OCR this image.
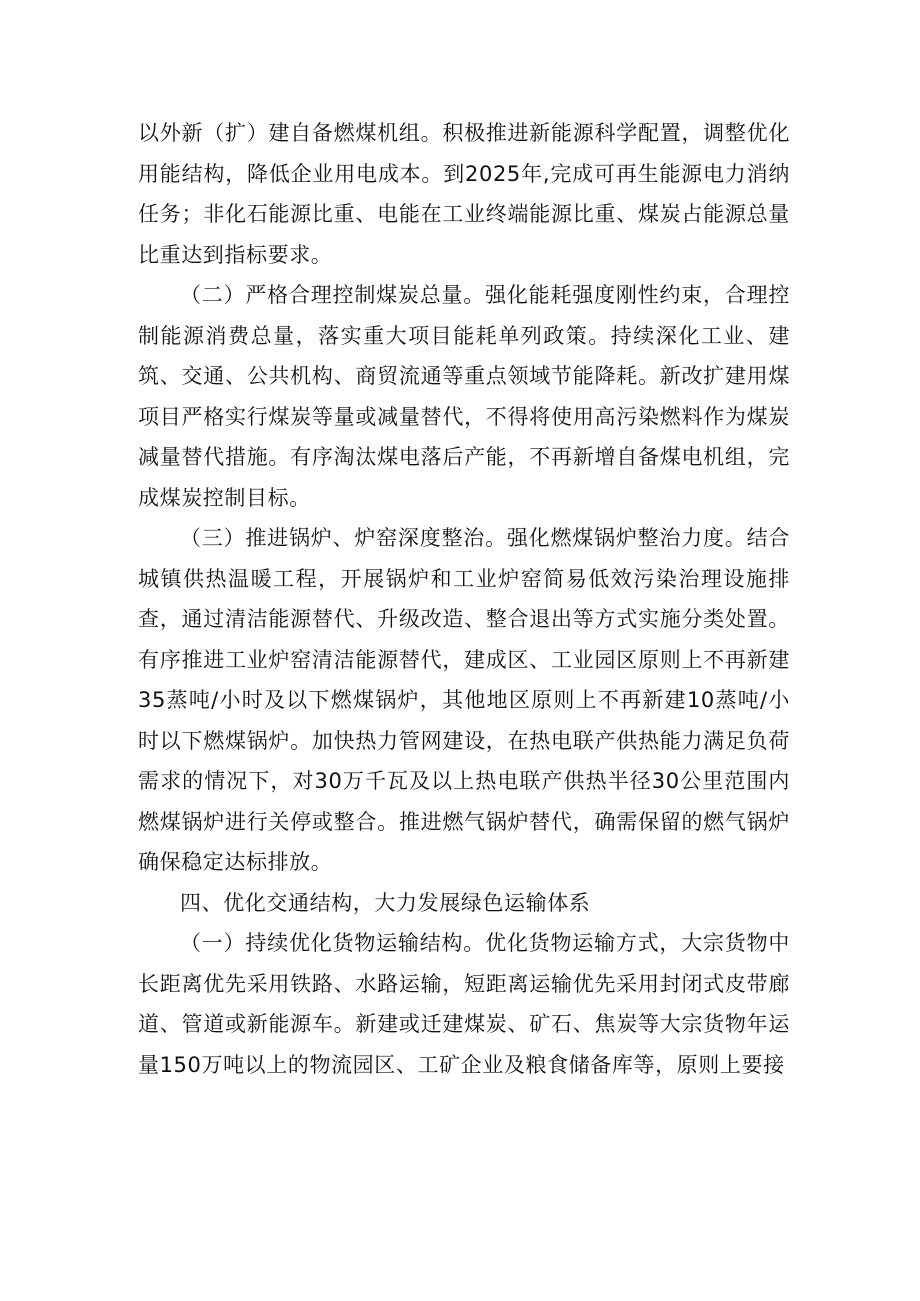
以外新（扩）建自备燃煤机组。积极推进新能源科学配置，调整优化用能结构，降低企业用电成本。到2025年,完成可再生能源电力消纳任务；非化石能源比重、电能在工业终端能源比重、煤炭占能源总量比重达到指标要求。

（二）严格合理控制煤炭总量。强化能耗强度刚性约束，合理控制能源消费总量，落实重大项目能耗单列政策。持续深化工业、建筑、交通、公共机构、商贸流通等重点领域节能降耗。新改扩建用煤项目严格实行煤炭等量或减量替代，不得将使用高污染燃料作为煤炭减量替代措施。有序淘汰煤电落后产能，不再新增自备煤电机组，完成煤炭控制目标。

（三）推进锅炉、炉窑深度整治。强化燃煤锅炉整治力度。结合城镇供热温暖工程，开展锅炉和工业炉窑简易低效污染治理设施排查，通过清洁能源替代、升级改造、整合退出等方式实施分类处置。有序推进工业炉窑清洁能源替代，建成区、工业园区原则上不再新建35蒸吨/小时及以下燃煤锅炉，其他地区原则上不再新建10蒸吨/小时以下燃煤锅炉。加快热力管网建设，在热电联产供热能力满足负荷需求的情况下，对30万千瓦及以上热电联产供热半径30公里范围内燃煤锅炉进行关停或整合。推进燃气锅炉替代，确需保留的燃气锅炉确保稳定达标排放。

四、优化交通结构，大力发展绿色运输体系

（一）持续优化货物运输结构。优化货物运输方式，大宗货物中长距离优先采用铁路、水路运输，短距离运输优先采用封闭式皮带廊道、管道或新能源车。新建或迁建煤炭、矿石、焦炭等大宗货物年运量150万吨以上的物流园区、工矿企业及粮食储备库等，原则上要接
